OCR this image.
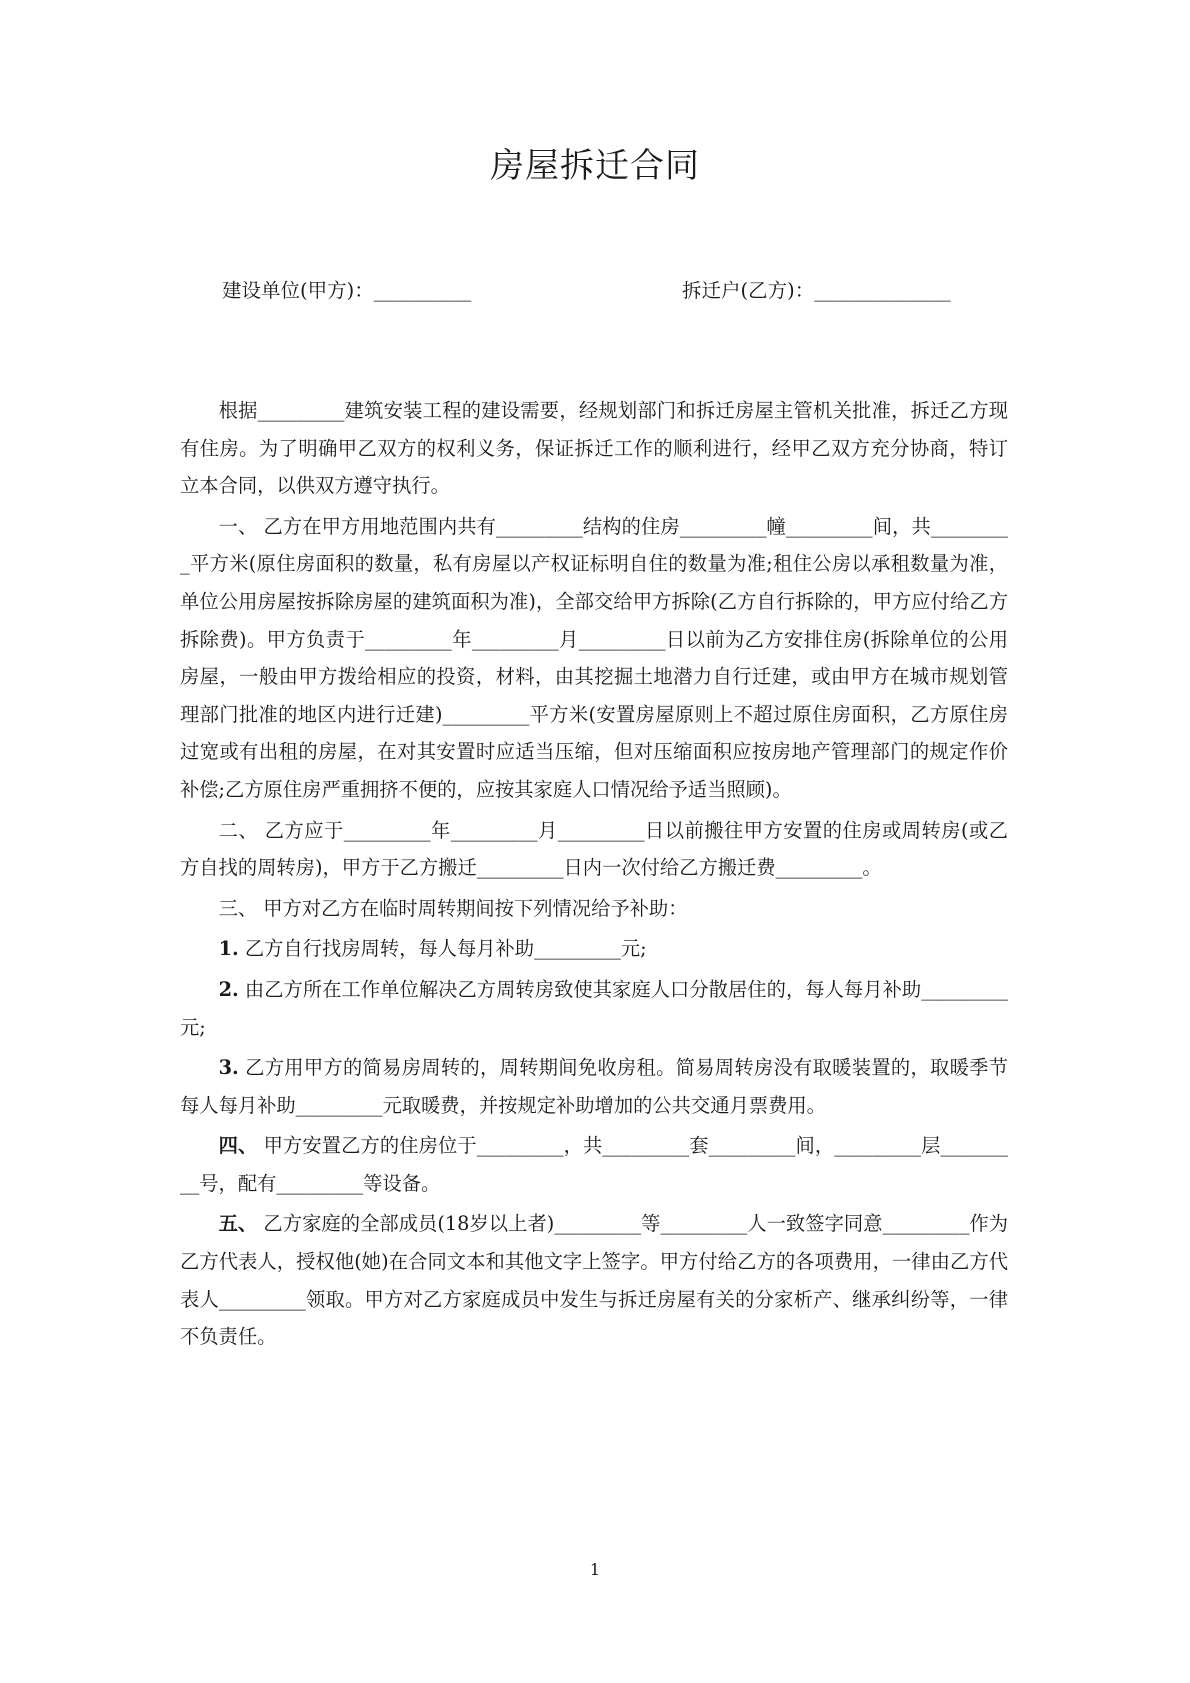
房屋拆迁合同
建设单位(甲方)：__________	拆迁户(乙方)：______________

根据_________建筑安装工程的建设需要，经规划部门和拆迁房屋主管机关批准，拆迁乙方现有住房。为了明确甲乙双方的权利义务，保证拆迁工作的顺利进行，经甲乙双方充分协商，特订立本合同，以供双方遵守执行。

一、 乙方在甲方用地范围内共有_________结构的住房_________幢_________间，共_________平方米(原住房面积的数量，私有房屋以产权证标明自住的数量为准;租住公房以承租数量为准，单位公用房屋按拆除房屋的建筑面积为准)，全部交给甲方拆除(乙方自行拆除的，甲方应付给乙方拆除费)。甲方负责于_________年_________月_________日以前为乙方安排住房(拆除单位的公用房屋，一般由甲方拨给相应的投资，材料，由其挖掘土地潜力自行迁建，或由甲方在城市规划管理部门批准的地区内进行迁建)_________平方米(安置房屋原则上不超过原住房面积，乙方原住房过宽或有出租的房屋，在对其安置时应适当压缩，但对压缩面积应按房地产管理部门的规定作价补偿;乙方原住房严重拥挤不便的，应按其家庭人口情况给予适当照顾)。

二、 乙方应于_________年_________月_________日以前搬往甲方安置的住房或周转房(或乙方自找的周转房)，甲方于乙方搬迁_________日内一次付给乙方搬迁费_________。

三、 甲方对乙方在临时周转期间按下列情况给予补助：

1. 乙方自行找房周转，每人每月补助_________元;

2. 由乙方所在工作单位解决乙方周转房致使其家庭人口分散居住的，每人每月补助_________元;

3. 乙方用甲方的简易房周转的，周转期间免收房租。简易周转房没有取暖装置的，取暖季节每人每月补助_________元取暖费，并按规定补助增加的公共交通月票费用。

四、 甲方安置乙方的住房位于_________，共_________套_________间，_________层_________号，配有_________等设备。

五、 乙方家庭的全部成员(18岁以上者)_________等_________人一致签字同意_________作为乙方代表人，授权他(她)在合同文本和其他文字上签字。甲方付给乙方的各项费用，一律由乙方代表人_________领取。甲方对乙方家庭成员中发生与拆迁房屋有关的分家析产、继承纠纷等，一律不负责任。

1
